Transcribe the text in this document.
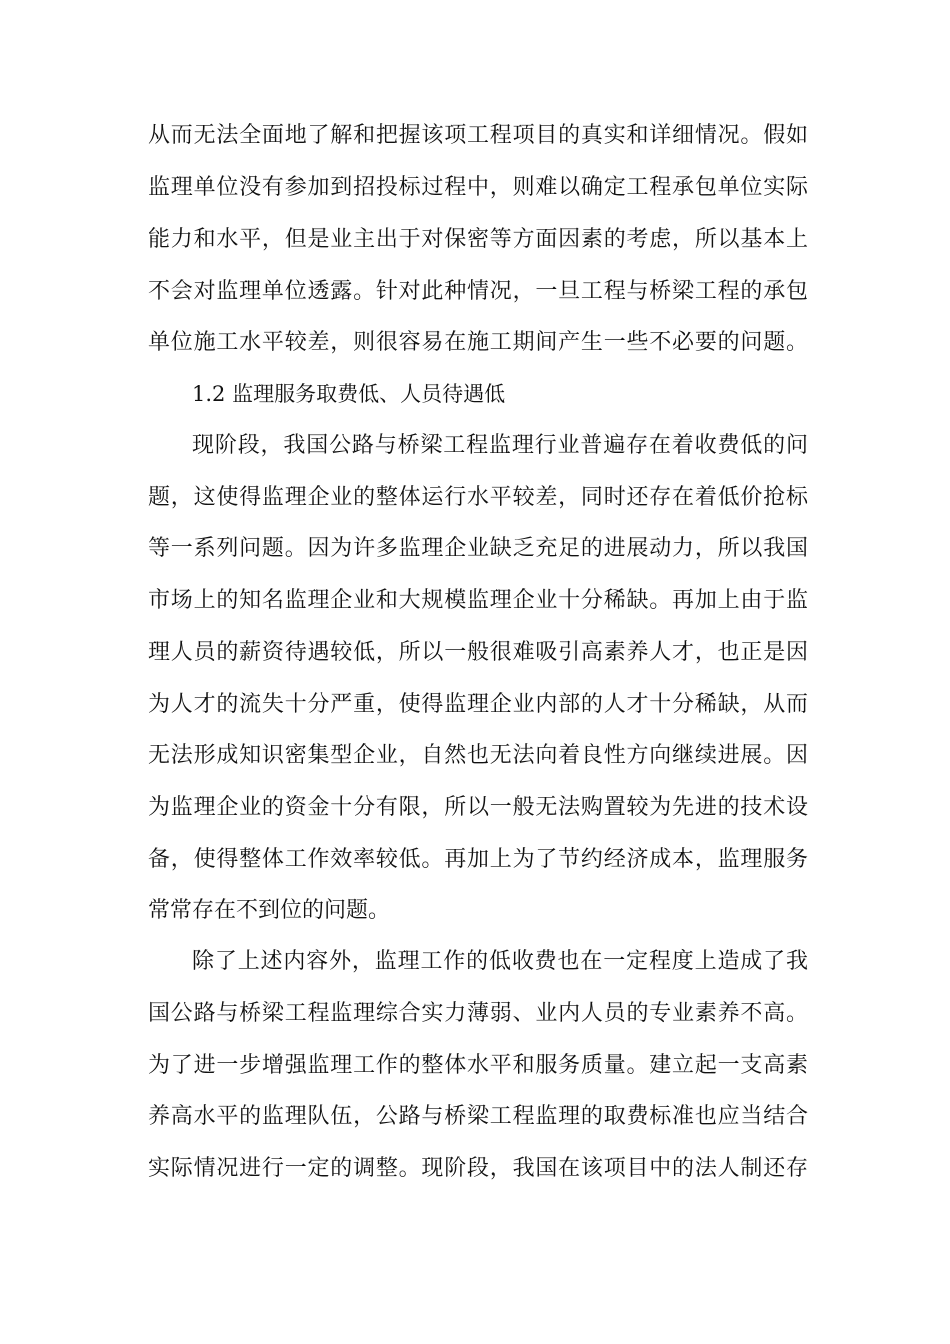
从而无法全面地了解和把握该项工程项目的真实和详细情况。假如
监理单位没有参加到招投标过程中，则难以确定工程承包单位实际
能力和水平，但是业主出于对保密等方面因素的考虑，所以基本上
不会对监理单位透露。针对此种情况，一旦工程与桥梁工程的承包
单位施工水平较差，则很容易在施工期间产生一些不必要的问题。
1.2 监理服务取费低、人员待遇低
现阶段，我国公路与桥梁工程监理行业普遍存在着收费低的问
题，这使得监理企业的整体运行水平较差，同时还存在着低价抢标
等一系列问题。因为许多监理企业缺乏充足的进展动力，所以我国
市场上的知名监理企业和大规模监理企业十分稀缺。再加上由于监
理人员的薪资待遇较低，所以一般很难吸引高素养人才，也正是因
为人才的流失十分严重，使得监理企业内部的人才十分稀缺，从而
无法形成知识密集型企业，自然也无法向着良性方向继续进展。因
为监理企业的资金十分有限，所以一般无法购置较为先进的技术设
备，使得整体工作效率较低。再加上为了节约经济成本，监理服务
常常存在不到位的问题。
除了上述内容外，监理工作的低收费也在一定程度上造成了我
国公路与桥梁工程监理综合实力薄弱、业内人员的专业素养不高。
为了进一步增强监理工作的整体水平和服务质量。建立起一支高素
养高水平的监理队伍，公路与桥梁工程监理的取费标准也应当结合
实际情况进行一定的调整。现阶段，我国在该项目中的法人制还存
